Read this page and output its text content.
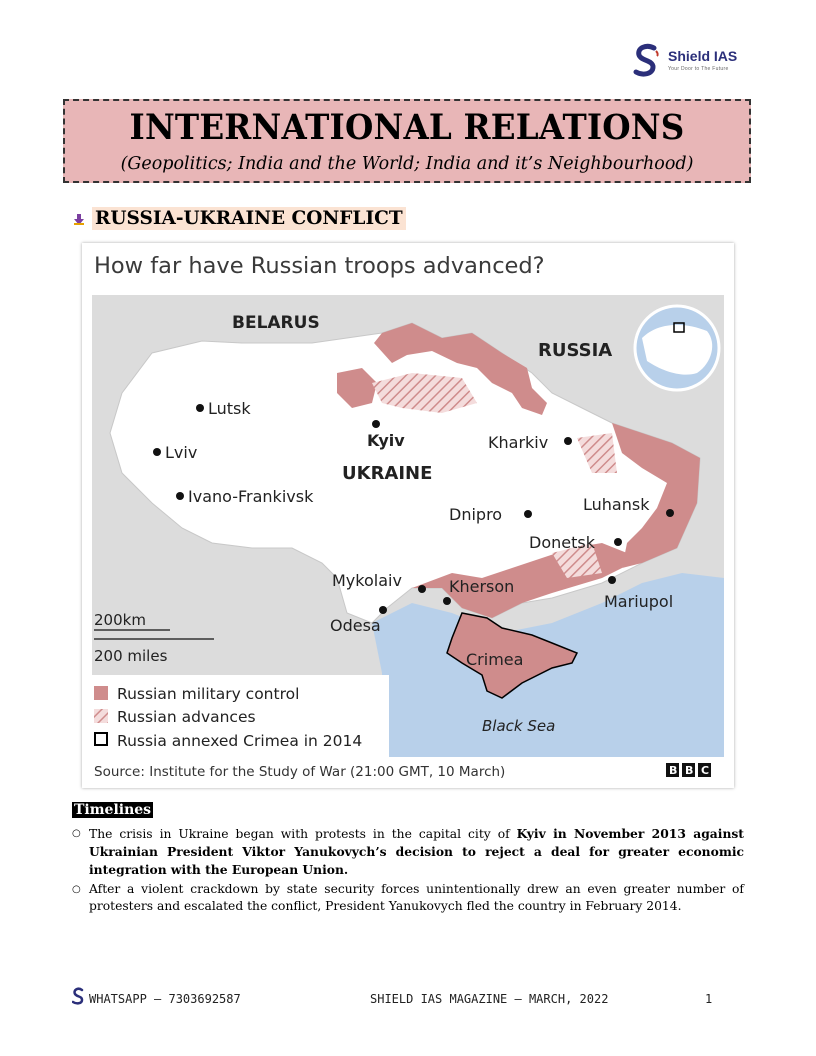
Shield IAS
Your Door to The Future
INTERNATIONAL RELATIONS
(Geopolitics; India and the World; India and it’s Neighbourhood)
RUSSIA-UKRAINE CONFLICT
How far have Russian troops advanced?
BELARUS
RUSSIA
UKRAINE
Lutsk
Lviv
Ivano-Frankivsk
Kyiv	Kharkiv
Dnipro
Luhansk
Donetsk
Mykolaiv	Kherson
Odesa
Mariupol
Crimea
Black Sea
200km
200 miles
Russian military control
Russian advances
Russia annexed Crimea in 2014
Source: Institute for the Study of War (21:00 GMT, 10 March)	B B C
Timelines
○ The crisis in Ukraine began with protests in the capital city of Kyiv in November 2013 against Ukrainian President Viktor Yanukovych’s decision to reject a deal for greater economic integration with the European Union.
○ After a violent crackdown by state security forces unintentionally drew an even greater number of protesters and escalated the conflict, President Yanukovych fled the country in February 2014.
WHATSAPP – 7303692587	SHIELD IAS MAGAZINE – MARCH, 2022	1
